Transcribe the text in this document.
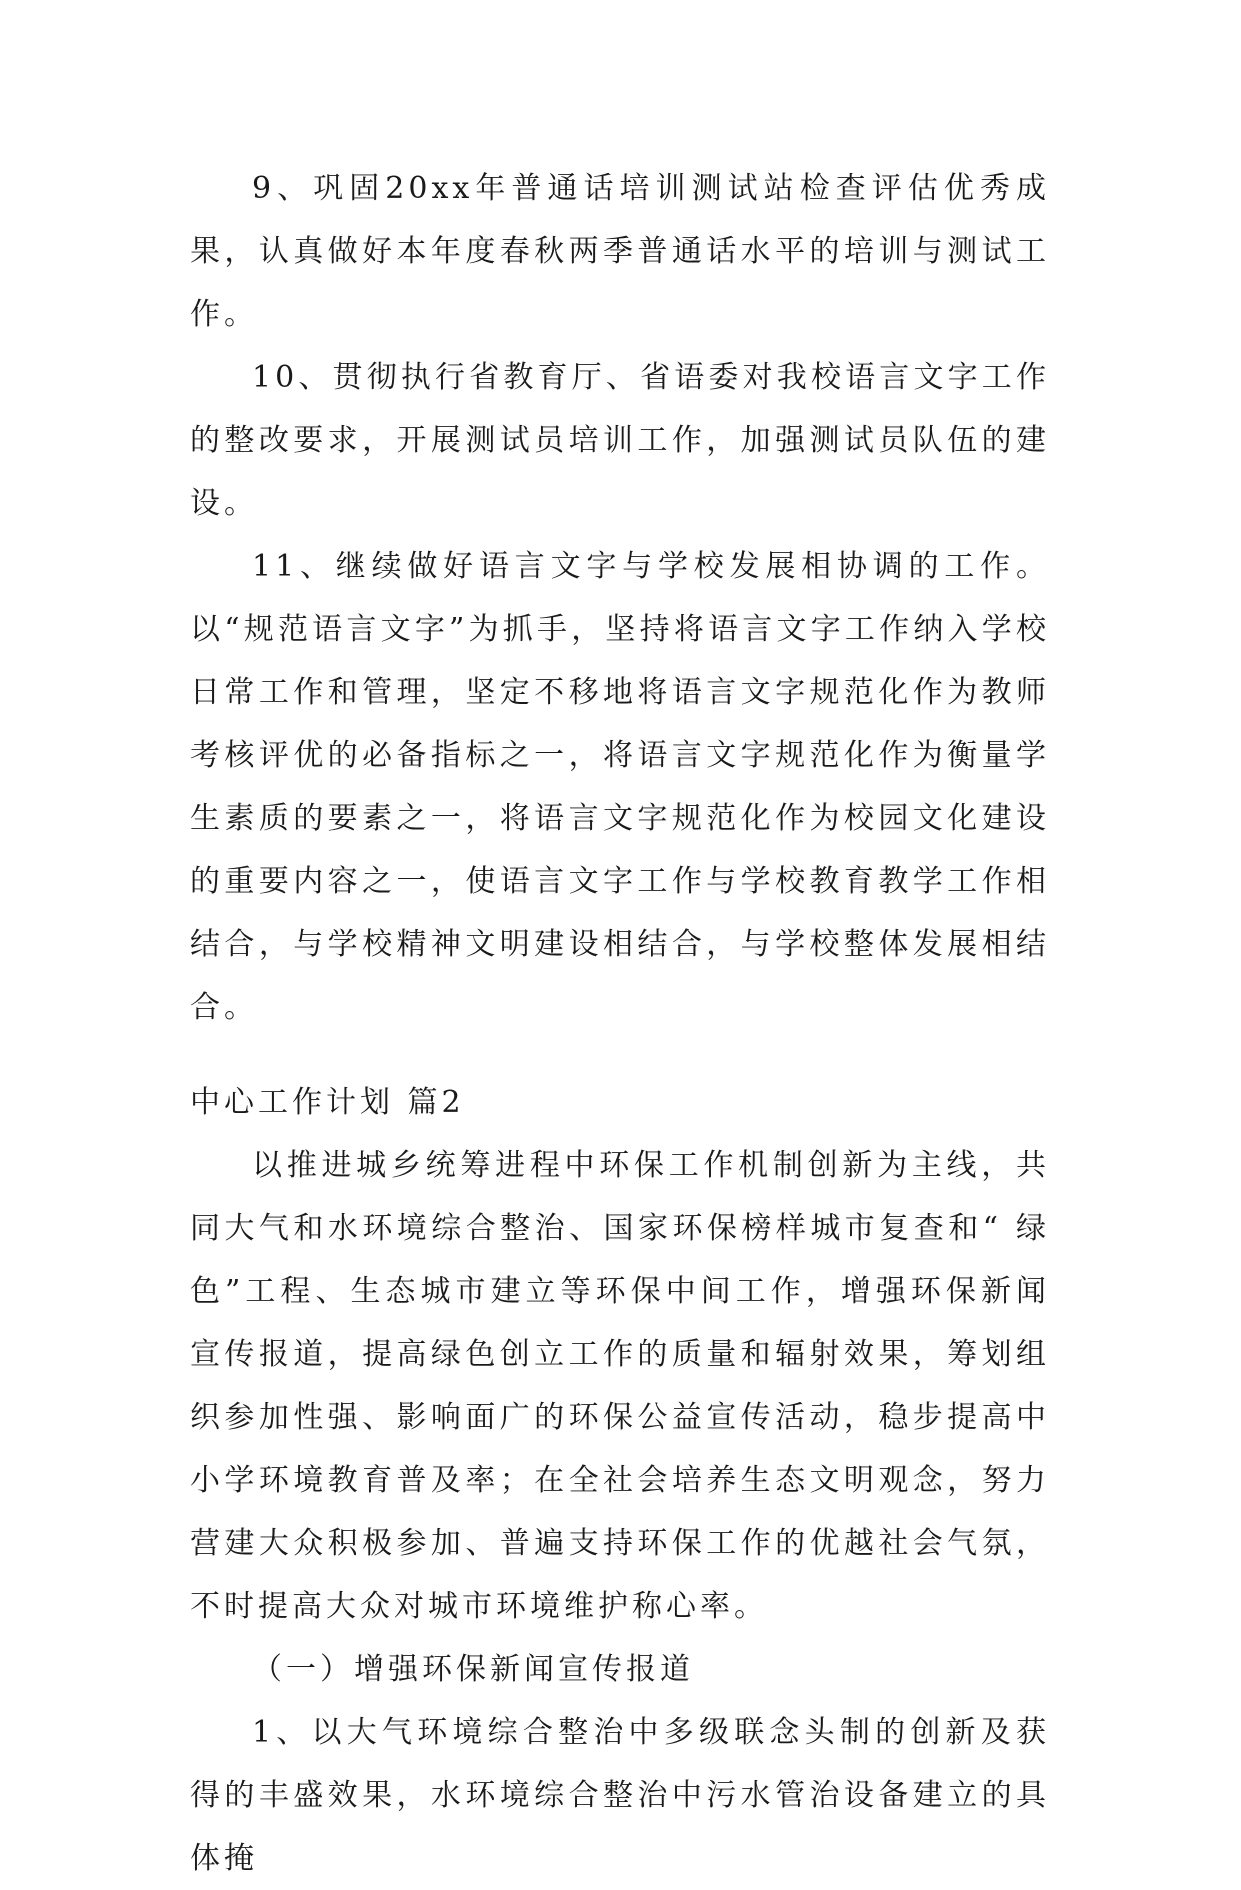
9、巩固20xx年普通话培训测试站检查评估优秀成果，认真做好本年度春秋两季普通话水平的培训与测试工作。

10、贯彻执行省教育厅、省语委对我校语言文字工作的整改要求，开展测试员培训工作，加强测试员队伍的建设。

11、继续做好语言文字与学校发展相协调的工作。以“规范语言文字”为抓手，坚持将语言文字工作纳入学校日常工作和管理，坚定不移地将语言文字规范化作为教师考核评优的必备指标之一，将语言文字规范化作为衡量学生素质的要素之一，将语言文字规范化作为校园文化建设的重要内容之一，使语言文字工作与学校教育教学工作相结合，与学校精神文明建设相结合，与学校整体发展相结合。

中心工作计划 篇2

以推进城乡统筹进程中环保工作机制创新为主线，共同大气和水环境综合整治、国家环保榜样城市复查和“ 绿色”工程、生态城市建立等环保中间工作，增强环保新闻宣传报道，提高绿色创立工作的质量和辐射效果，筹划组织参加性强、影响面广的环保公益宣传活动，稳步提高中小学环境教育普及率；在全社会培养生态文明观念，努力营建大众积极参加、普遍支持环保工作的优越社会气氛，不时提高大众对城市环境维护称心率。

（一）增强环保新闻宣传报道

1、以大气环境综合整治中多级联念头制的创新及获得的丰盛效果，水环境综合整治中污水管治设备建立的具体掩
